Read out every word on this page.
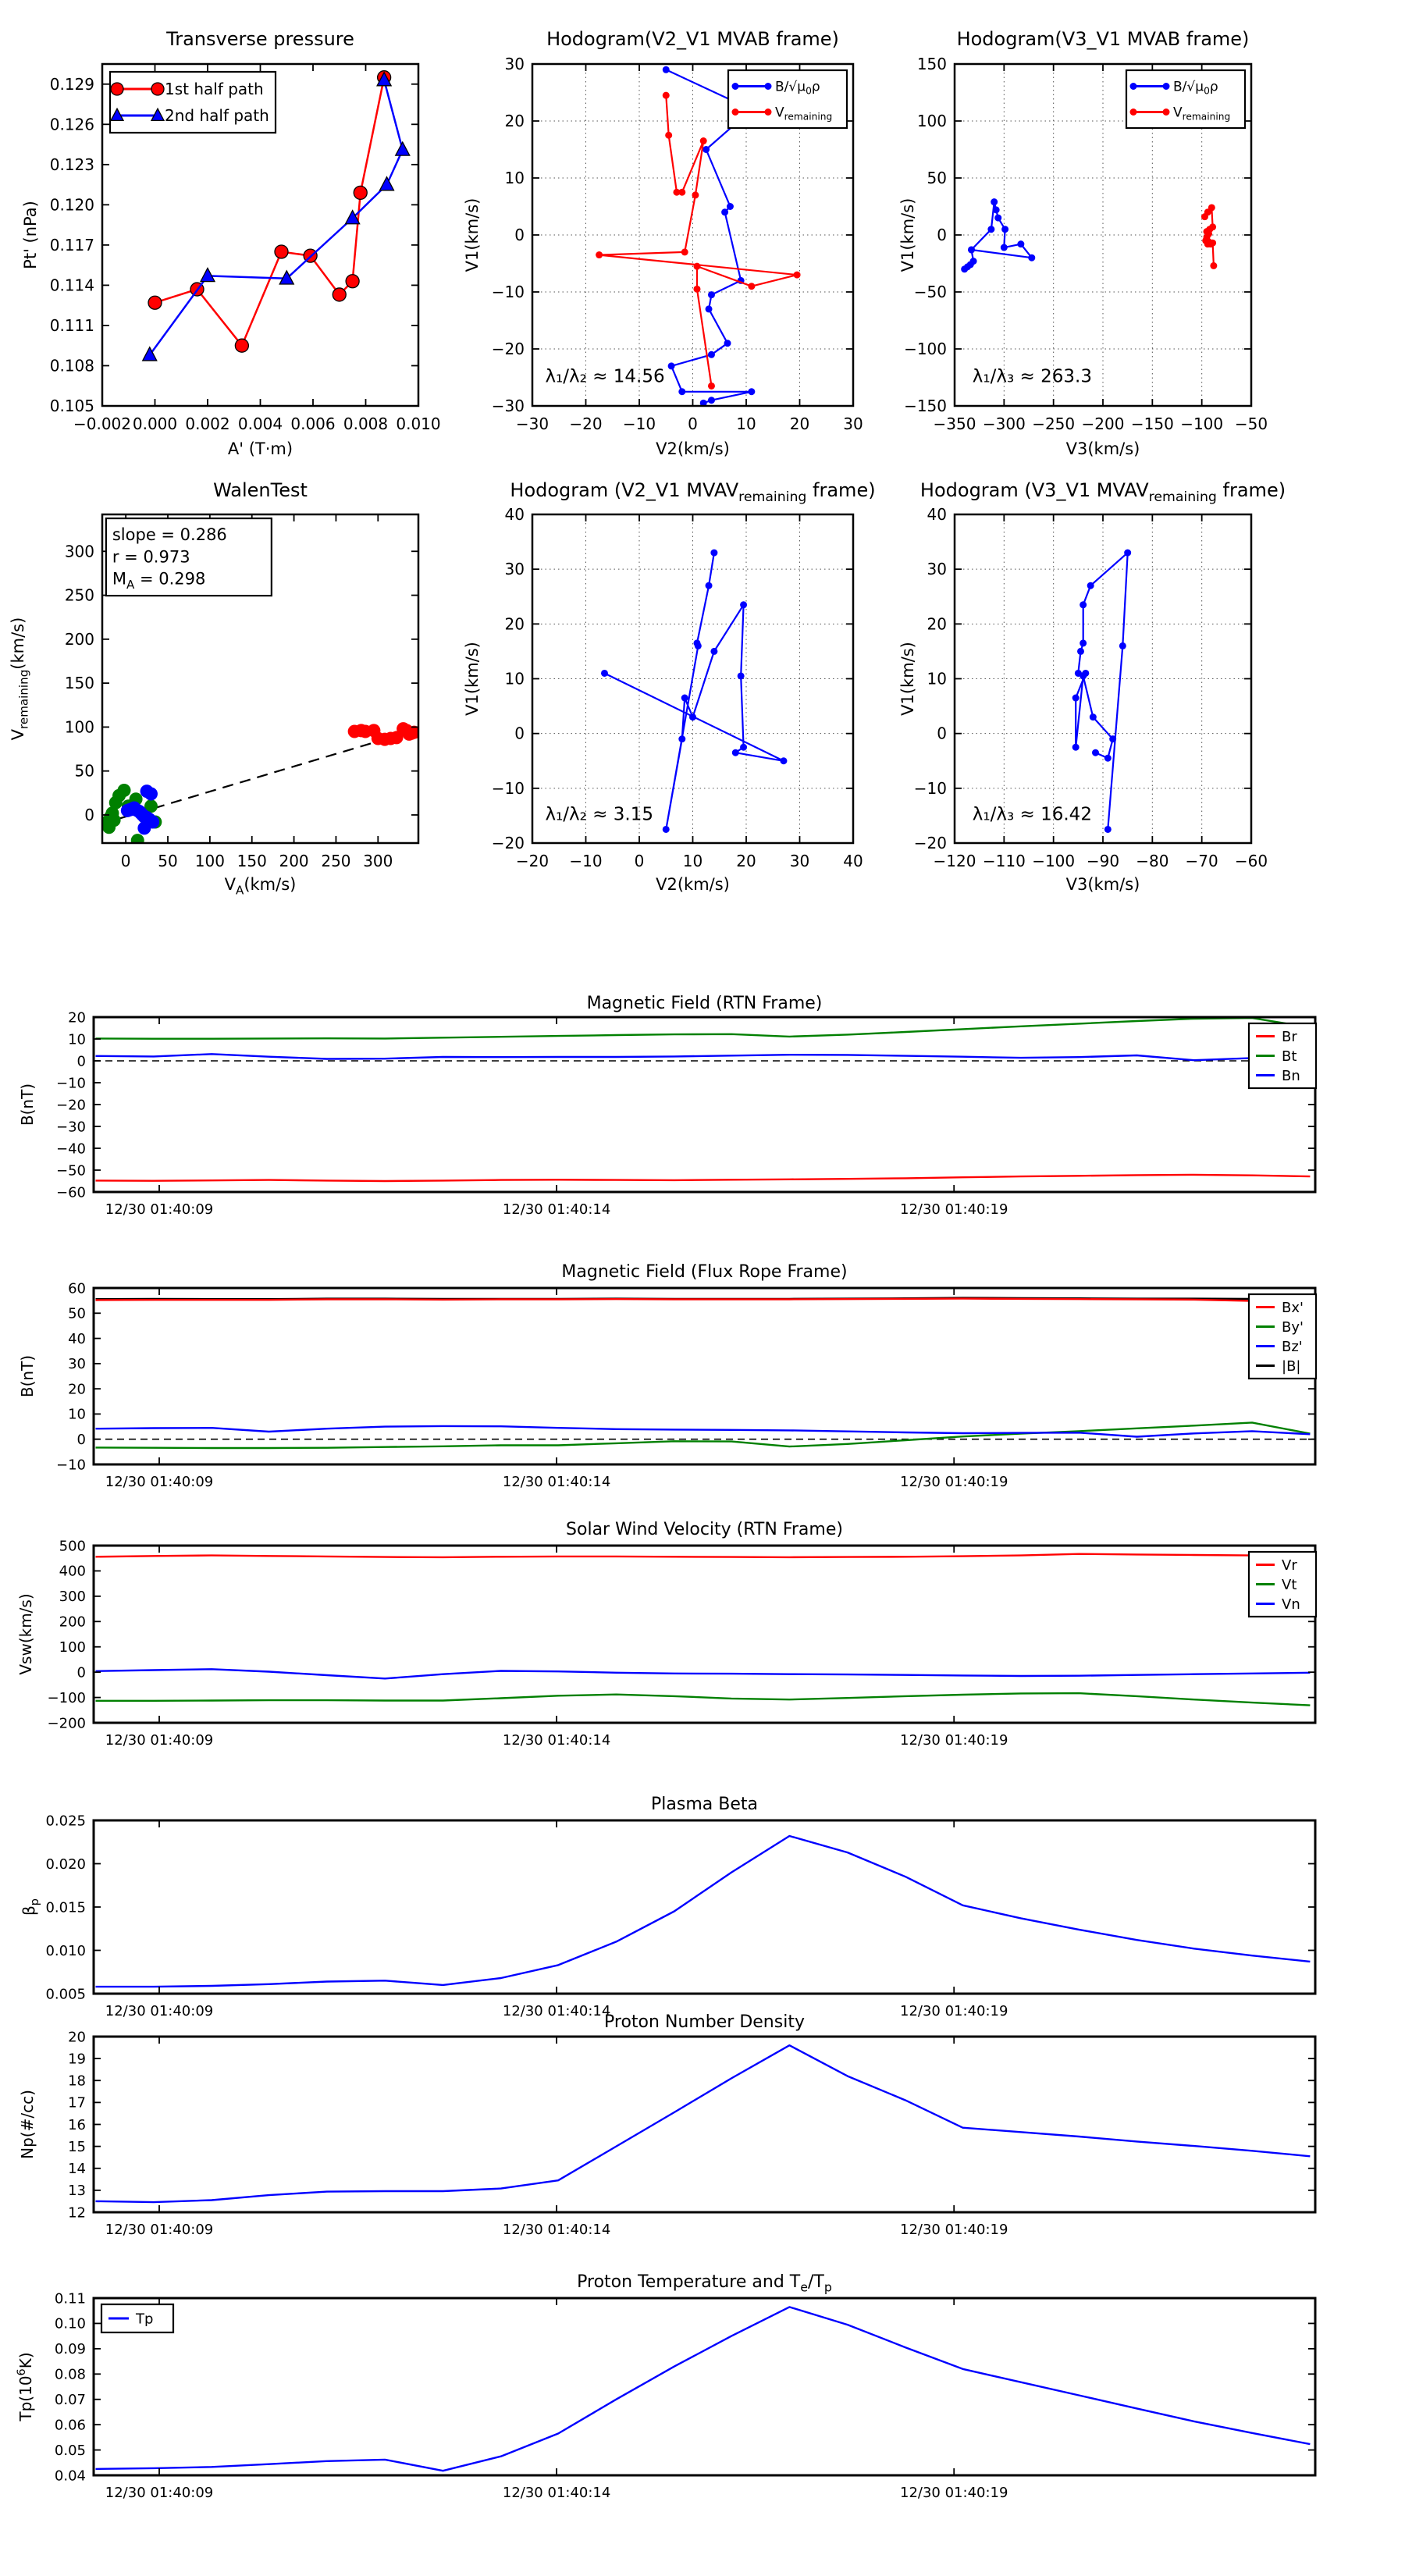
−0.002 0.000 0.002 0.004 0.006 0.008 0.010
0.105
0.108
0.111
0.114
0.117
0.120
0.123
0.126
0.129
Transverse pressure
A' (T·m)
Pt' (nPa)
1st half path
2nd half path
−30 −20 −10 0 10 20 30
−30
−20
−10
0
10
20
30
Hodogram(V2_V1 MVAB frame)
V2(km/s)
V1(km/s)
$B/√\mu_0\rho$
$V_{remaining}$
λ₁/λ₂ ≈ 14.56
−350 −300 −250 −200 −150 −100 −50
−150
−100
−50
0
50
100
150
Hodogram(V3_V1 MVAB frame)
V3(km/s)
V1(km/s)
$B/√\mu_0\rho$
$V_{remaining}$
λ₁/λ₃ ≈ 263.3
0 50 100 150 200 250 300
0
50
100
150
200
250
300
WalenTest
$V_A(km/s)$
$V_{remaining}(km/s)$
slope = 0.286
r = 0.973
$M_A = 0.298$
−20 −10 0 10 20 30 40
−20
−10
0
10
20
30
40
Hodogram (V2_V1 $MVAV_{remaining}$ frame)
V2(km/s)
V1(km/s)
λ₁/λ₂ ≈ 3.15
−120 −110 −100 −90 −80 −70 −60
−20
−10
0
10
20
30
40
Hodogram (V3_V1 $MVAV_{remaining}$ frame)
V3(km/s)
V1(km/s)
λ₁/λ₃ ≈ 16.42
12/30 01:40:09	12/30 01:40:14	12/30 01:40:19
−60
−50
−40
−30
−20
−10
0
10
20
Magnetic Field (RTN Frame)
B(nT)
Br
Bt
Bn
12/30 01:40:09	12/30 01:40:14	12/30 01:40:19
−10
0
10
20
30
40
50
60
Magnetic Field (Flux Rope Frame)
B(nT)
Bx'
By'
Bz'
|B|
12/30 01:40:09	12/30 01:40:14	12/30 01:40:19
−200
−100
0
100
200
300
400
500
Solar Wind Velocity (RTN Frame)
Vsw(km/s)
Vr
Vt
Vn
12/30 01:40:09	12/30 01:40:14	12/30 01:40:19
0.005
0.010
0.015
0.020
0.025
Plasma Beta
$\beta_p$
12/30 01:40:09	12/30 01:40:14	12/30 01:40:19
12
13
14
15
16
17
18
19
20
Proton Number Density
Np(#/cc)
12/30 01:40:09	12/30 01:40:14	12/30 01:40:19
0.04
0.05
0.06
0.07
0.08
0.09
0.10
0.11
Proton Temperature and $T_e/T_p$
$Tp(10^6K)$
Tp
